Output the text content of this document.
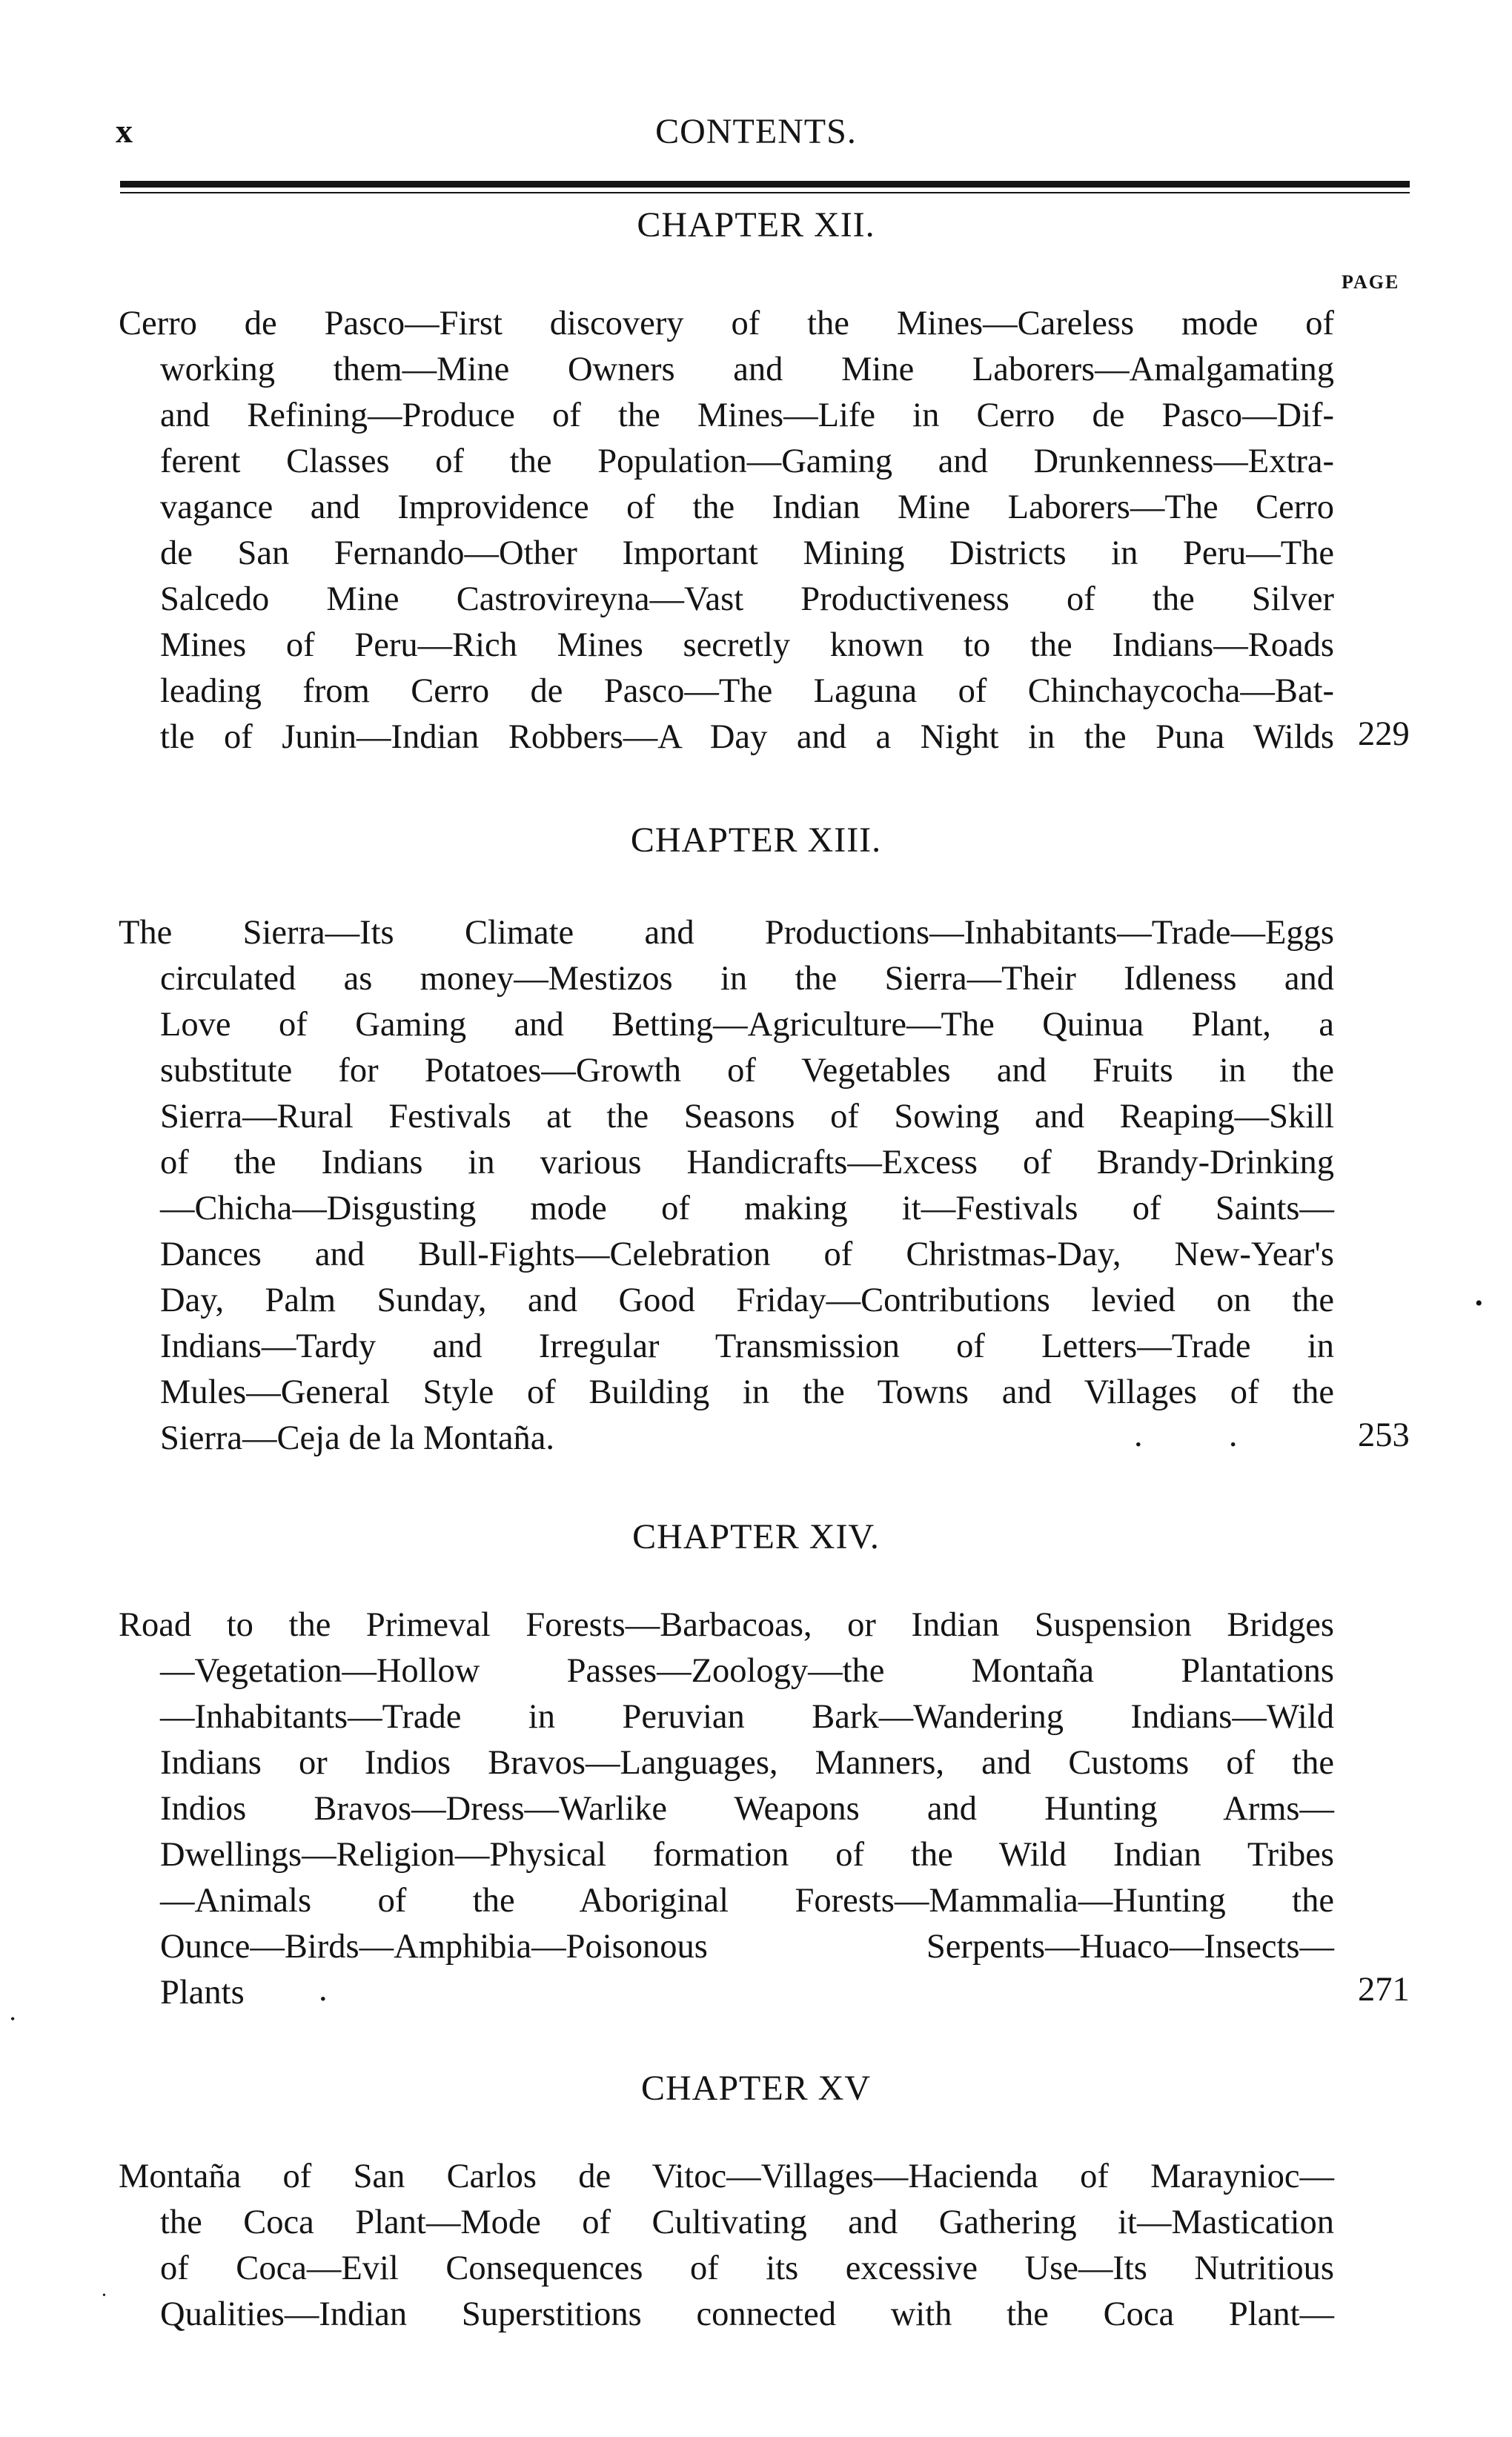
x	CONTENTS.
CHAPTER XII.
PAGE
Cerro de Pasco—First discovery of the Mines—Careless mode of
working them—Mine Owners and Mine Laborers—Amalgamating
and Refining—Produce of the Mines—Life in Cerro de Pasco—Dif-
ferent Classes of the Population—Gaming and Drunkenness—Extra-
vagance and Improvidence of the Indian Mine Laborers—The Cerro
de San Fernando—Other Important Mining Districts in Peru—The
Salcedo Mine Castrovireyna—Vast Productiveness of the Silver
Mines of Peru—Rich Mines secretly known to the Indians—Roads
leading from Cerro de Pasco—The Laguna of Chinchaycocha—Bat-
tle of Junin—Indian Robbers—A Day and a Night in the Puna Wilds 229
CHAPTER XIII.
The Sierra—Its Climate and Productions—Inhabitants—Trade—Eggs
circulated as money—Mestizos in the Sierra—Their Idleness and
Love of Gaming and Betting—Agriculture—The Quinua Plant, a
substitute for Potatoes—Growth of Vegetables and Fruits in the
Sierra—Rural Festivals at the Seasons of Sowing and Reaping—Skill
of the Indians in various Handicrafts—Excess of Brandy-Drinking
—Chicha—Disgusting mode of making it—Festivals of Saints—
Dances and Bull-Fights—Celebration of Christmas-Day, New-Year's
Day, Palm Sunday, and Good Friday—Contributions levied on the
Indians—Tardy and Irregular Transmission of Letters—Trade in
Mules—General Style of Building in the Towns and Villages of the
Sierra—Ceja de la Montaña.	.          .	253
CHAPTER XIV.
Road to the Primeval Forests—Barbacoas, or Indian Suspension Bridges
—Vegetation—Hollow Passes—Zoology—the Montaña Plantations
—Inhabitants—Trade in Peruvian Bark—Wandering Indians—Wild
Indians or Indios Bravos—Languages, Manners, and Customs of the
Indios Bravos—Dress—Warlike Weapons and Hunting Arms—
Dwellings—Religion—Physical formation of the Wild Indian Tribes
—Animals of the Aboriginal Forests—Mammalia—Hunting the
Ounce—Birds—Amphibia—Poisonous Serpents—Huaco—Insects—
Plants	.	271
CHAPTER XV
Montaña of San Carlos de Vitoc—Villages—Hacienda of Maraynioc—
the Coca Plant—Mode of Cultivating and Gathering it—Mastication
of Coca—Evil Consequences of its excessive Use—Its Nutritious
Qualities—Indian Superstitions connected with the Coca Plant—
•
•
•
